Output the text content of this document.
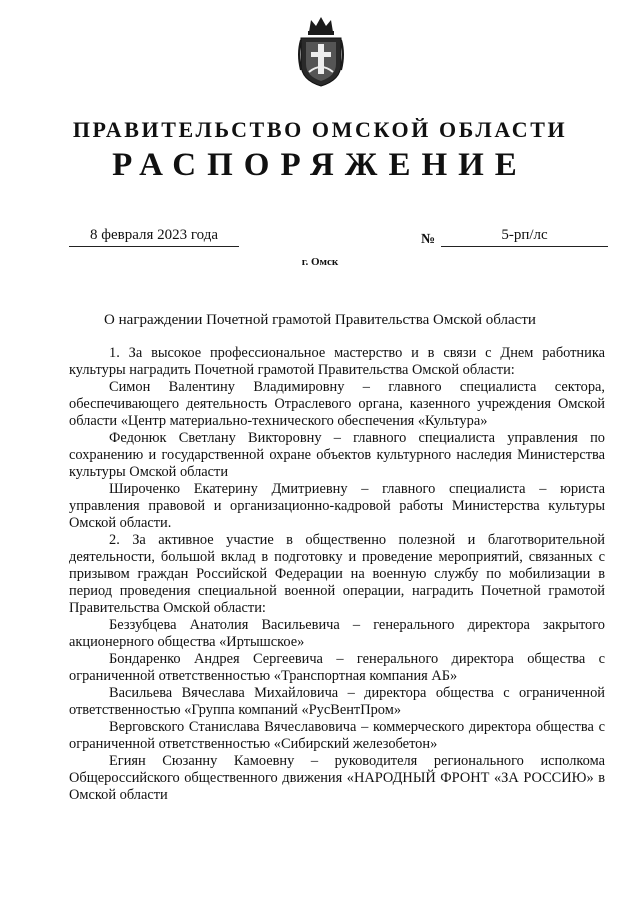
ПРАВИТЕЛЬСТВО ОМСКОЙ ОБЛАСТИ
РАСПОРЯЖЕНИЕ
8 февраля 2023 года	№	5-рп/лс
г. Омск
О награждении Почетной грамотой Правительства Омской области

1. За высокое профессиональное мастерство и в связи с Днем работника культуры наградить Почетной грамотой Правительства Омской области:

Симон Валентину Владимировну – главного специалиста сектора, обеспечивающего деятельность Отраслевого органа, казенного учреждения Омской области «Центр материально-технического обеспечения «Культура»

Федонюк Светлану Викторовну – главного специалиста управления по сохранению и государственной охране объектов культурного наследия Министерства культуры Омской области

Широченко Екатерину Дмитриевну – главного специалиста – юриста управления правовой и организационно-кадровой работы Министерства культуры Омской области.

2. За активное участие в общественно полезной и благотворительной деятельности, большой вклад в подготовку и проведение мероприятий, связанных с призывом граждан Российской Федерации на военную службу по мобилизации в период проведения специальной военной операции, наградить Почетной грамотой Правительства Омской области:

Беззубцева Анатолия Васильевича – генерального директора закрытого акционерного общества «Иртышское»

Бондаренко Андрея Сергеевича – генерального директора общества с ограниченной ответственностью «Транспортная компания АБ»

Васильева Вячеслава Михайловича – директора общества с ограниченной ответственностью «Группа компаний «РусВентПром»

Верговского Станислава Вячеславовича – коммерческого директора общества с ограниченной ответственностью «Сибирский железобетон»

Егиян Сюзанну Камоевну – руководителя регионального исполкома Общероссийского общественного движения «НАРОДНЫЙ ФРОНТ «ЗА РОССИЮ» в Омской области
